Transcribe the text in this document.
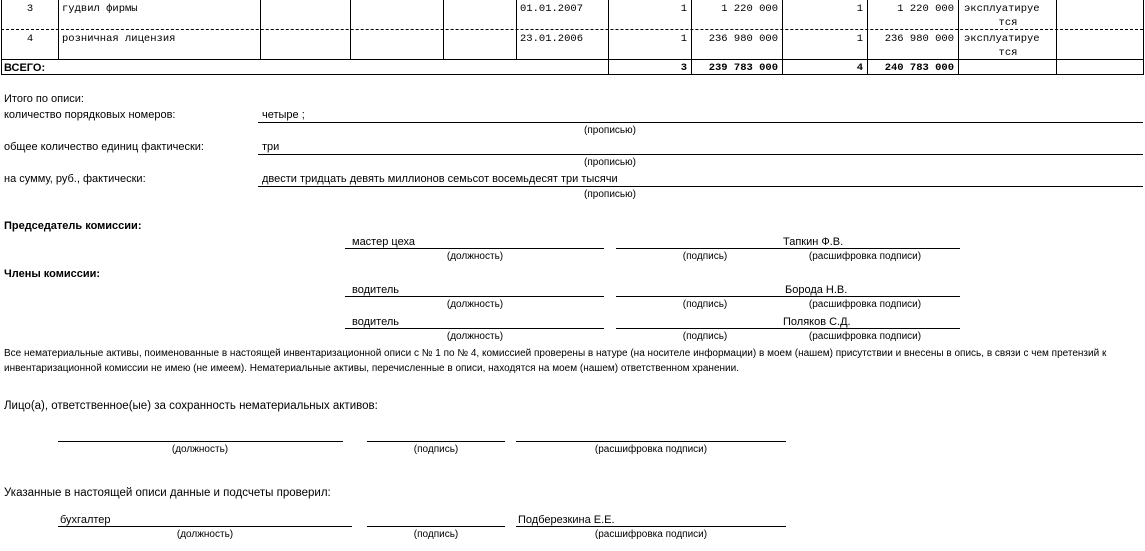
3	гудвил фирмы	01.01.2007	1	1 220 000	1	1 220 000 эксплуатируе
тся
4	розничная лицензия	23.01.2006	1	236 980 000	1	236 980 000 эксплуатируе
тся
ВСЕГО:	3	239 783 000	4	240 783 000
Итого по описи:
количество порядковых номеров:	четыре ;
(прописью)
общее количество единиц фактически:	три
(прописью)
на сумму, руб., фактически:	двести тридцать девять миллионов семьсот восемьдесят три тысячи
(прописью)
Председатель комиссии:
мастер цеха	Тапкин Ф.В.
(должность)	(подпись)	(расшифровка подписи)
Члены комиссии:
водитель	Борода Н.В.
(должность)	(подпись)	(расшифровка подписи)
водитель	Поляков С.Д.
(должность)	(подпись)	(расшифровка подписи)
Все нематериальные активы, поименованные в настоящей инвентаризационной описи с № 1 по № 4, комиссией проверены в натуре (на носителе информации) в моем (нашем) присутствии и внесены в опись, в связи с чем претензий к инвентаризационной комиссии не имею (не имеем). Нематериальные активы, перечисленные в описи, находятся на моем (нашем) ответственном хранении.
Лицо(а), ответственное(ые) за сохранность нематериальных активов:
(должность)	(подпись)	(расшифровка подписи)
Указанные в настоящей описи данные и подсчеты проверил:
бухгалтер	Подберезкина Е.Е.
(должность)	(подпись)	(расшифровка подписи)
